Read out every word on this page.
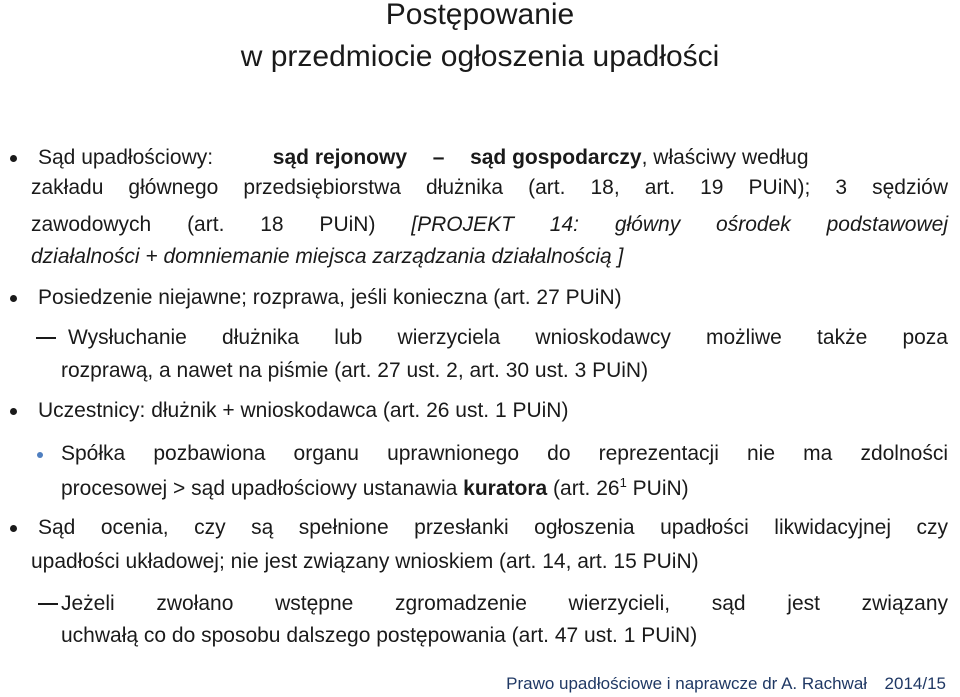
Postępowanie
w przedmiocie ogłoszenia upadłości
Sąd upadłościowy:	sąd rejonowy – sąd gospodarczy, właściwy według
zakładu głównego przedsiębiorstwa dłużnika (art. 18, art. 19 PUiN); 3 sędziów
zawodowych (art. 18 PUiN) [PROJEKT 14: główny ośrodek podstawowej
działalności + domniemanie miejsca zarządzania działalnością ]
Posiedzenie niejawne; rozprawa, jeśli konieczna (art. 27 PUiN)
Wysłuchanie dłużnika lub wierzyciela wnioskodawcy możliwe także poza
rozprawą, a nawet na piśmie (art. 27 ust. 2, art. 30 ust. 3 PUiN)
Uczestnicy: dłużnik + wnioskodawca (art. 26 ust. 1 PUiN)
Spółka pozbawiona organu uprawnionego do reprezentacji nie ma zdolności
procesowej > sąd upadłościowy ustanawia kuratora (art. $26^1$ PUiN)
Sąd ocenia, czy są spełnione przesłanki ogłoszenia upadłości likwidacyjnej czy
upadłości układowej; nie jest związany wnioskiem (art. 14, art. 15 PUiN)
Jeżeli zwołano wstępne zgromadzenie wierzycieli, sąd jest związany
uchwałą co do sposobu dalszego postępowania (art. 47 ust. 1 PUiN)
Prawo upadłościowe i naprawcze dr A. Rachwał 2014/15
